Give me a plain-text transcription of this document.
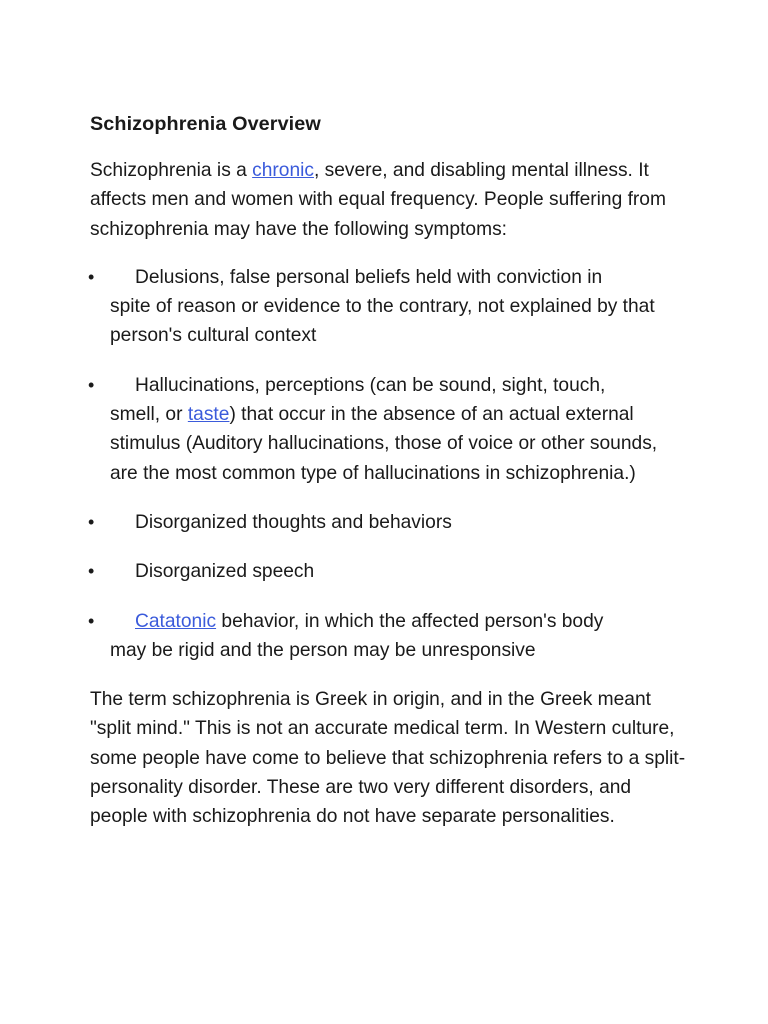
Schizophrenia Overview

Schizophrenia is a chronic, severe, and disabling mental illness. It affects men and women with equal frequency. People suffering from schizophrenia may have the following symptoms:

•	Delusions, false personal beliefs held with conviction in
spite of reason or evidence to the contrary, not explained by that person's cultural context
•	Hallucinations, perceptions (can be sound, sight, touch,
smell, or taste) that occur in the absence of an actual external stimulus (Auditory hallucinations, those of voice or other sounds, are the most common type of hallucinations in schizophrenia.)
•	Disorganized thoughts and behaviors
•	Disorganized speech
•	Catatonic behavior, in which the affected person's body
may be rigid and the person may be unresponsive

The term schizophrenia is Greek in origin, and in the Greek meant "split mind." This is not an accurate medical term. In Western culture, some people have come to believe that schizophrenia refers to a split-personality disorder. These are two very different disorders, and people with schizophrenia do not have separate personalities.
